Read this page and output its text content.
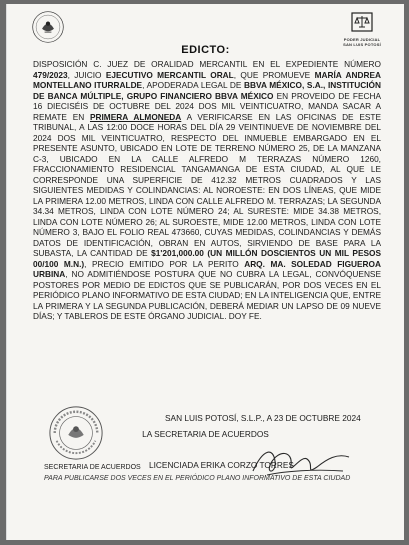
PODER JUDICIAL SAN LUIS POTOSÍ
EDICTO:
DISPOSICIÓN C. JUEZ DE ORALIDAD MERCANTIL EN EL EXPEDIENTE NÚMERO 479/2023, JUICIO EJECUTIVO MERCANTIL ORAL, QUE PROMUEVE MARÍA ANDREA MONTELLANO ITURRALDE, APODERADA LEGAL DE BBVA MÉXICO, S.A., INSTITUCIÓN DE BANCA MÚLTIPLE, GRUPO FINANCIERO BBVA MÉXICO EN PROVEIDO DE FECHA 16 DIECISÉIS DE OCTUBRE DEL 2024 DOS MIL VEINTICUATRO, MANDA SACAR A REMATE EN PRIMERA ALMONEDA A VERIFICARSE EN LAS OFICINAS DE ESTE TRIBUNAL, A LAS 12:00 DOCE HORAS DEL DÍA 29 VEINTINUEVE DE NOVIEMBRE DEL 2024 DOS MIL VEINTICUATRO, RESPECTO DEL INMUEBLE EMBARGADO EN EL PRESENTE ASUNTO, UBICADO EN LOTE DE TERRENO NÚMERO 25, DE LA MANZANA C-3, UBICADO EN LA CALLE ALFREDO M TERRAZAS NÚMERO 1260, FRACCIONAMIENTO RESIDENCIAL TANGAMANGA DE ESTA CIUDAD, AL QUE LE CORRESPONDE UNA SUPERFICIE DE 412.32 METROS CUADRADOS Y LAS SIGUIENTES MEDIDAS Y COLINDANCIAS: AL NOROESTE: EN DOS LÍNEAS, QUE MIDE LA PRIMERA 12.00 METROS, LINDA CON CALLE ALFREDO M. TERRAZAS; LA SEGUNDA 34.34 METROS, LINDA CON LOTE NÚMERO 24; AL SURESTE: MIDE 34.38 METROS, LINDA CON LOTE NÚMERO 26; AL SUROESTE, MIDE 12.00 METROS, LINDA CON LOTE NÚMERO 3, BAJO EL FOLIO REAL 473660, CUYAS MEDIDAS, COLINDANCIAS Y DEMÁS DATOS DE IDENTIFICACIÓN, OBRAN EN AUTOS, SIRVIENDO DE BASE PARA LA SUBASTA, LA CANTIDAD DE $1'201,000.00 (UN MILLÓN DOSCIENTOS UN MIL PESOS 00/100 M.N.), PRECIO EMITIDO POR LA PERITO ARQ. MA. SOLEDAD FIGUEROA URBINA, NO ADMITIÉNDOSE POSTURA QUE NO CUBRA LA LEGAL, CONVÓQUENSE POSTORES POR MEDIO DE EDICTOS QUE SE PUBLICARÁN, POR DOS VECES EN EL PERIÓDICO PLANO INFORMATIVO DE ESTA CIUDAD; EN LA INTELIGENCIA QUE, ENTRE LA PRIMERA Y LA SEGUNDA PUBLICACIÓN, DEBERÁ MEDIAR UN LAPSO DE 09 NUEVE DÍAS; Y TABLEROS DE ESTE ÓRGANO JUDICIAL. DOY FE.
SAN LUIS POTOSÍ, S.L.P., A 23 DE OCTUBRE 2024
LA SECRETARIA DE ACUERDOS
LICENCIADA ERIKA CORZO TORRES
SECRETARIA DE ACUERDOS
PARA PUBLICARSE DOS VECES EN EL PERIÓDICO PLANO INFORMATIVO DE ESTA CIUDAD
